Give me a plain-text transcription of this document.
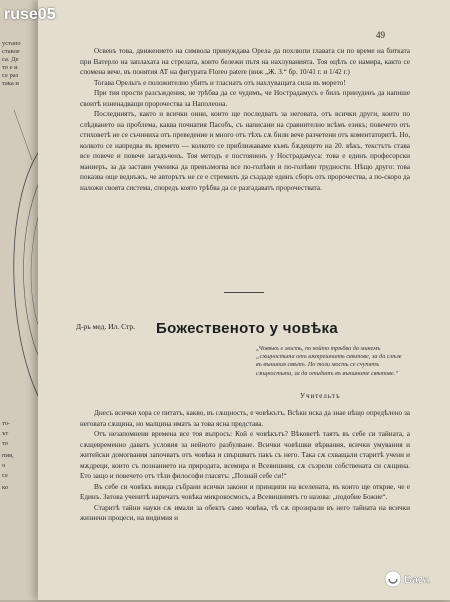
устано
ставле
са. Де
то е и
се раз
така и
то-
ът
то
пия,
о
се
ко
ruse05
49

Освенъ това, движението на символа принуждава Орела да похлюпи главата си по време на битката при Ватерло на заплахата на стрелата, които бележи пътя на нахлуванията. Тоя оцѣть се намира, както се спомена вече, въ понятия АТ на фигурата Floreo patere (виж „Ж. З.“ бр. 10/41 г. и 1/42 г.)

Тогава Орельтъ е положително убитъ и тласнатъ отъ нахлуващата сила въ морето!

При тия прости разсъждения, не трѣбва да се чудимъ, че Нострадамусъ е билъ принуденъ да напише своитѣ изненадващи пророчества за Наполеона.

Последниятъ, както и всички онни, които ще последватъ за неговата, отъ всички други, които по слѣдването на проблема, каква почнатия Пасобъ, съ написани на сравнително всѣмъ езикъ; повечето отъ стиховетѣ не се съчиниха отъ преведение и много отъ тѣхъ сѫ били вече разчетени отъ коментаторитѣ. Но, колкото се напредва въ времето — колкото се приближаваме къмъ бѫдещето на 20. вѣкъ, текстътъ става все повече и повече загадъченъ. Тоя методъ е постояненъ у Нострадамуса: това е единъ професорски маниеръ, за да застави ученика да превъзмогва все по-голѣми и по-голѣми трудности. Нѣщо друго: това показва още веднъжъ, че авторътъ не се е стремилъ да създаде единъ сборъ отъ пророчества, а по-скоро да наложи своята система, споредъ която трѣбва да се разгадаватъ пророчествата.

Д-рь мед. Ил. Стр. Божественото у човѣка
„Човѣкъ е мость, по който трѣбва да минемъ „сѫщностьта отъ вѫтрешнитѣ свѣтове, за да слѣзе въ външния свѣтъ. По този мость се счупятъ сѫщностьта, за да отидатъ въ външните свѣтове.“
Учительтъ

Днесъ всички хора се питатъ, какво, въ сѫщность, е човѣкътъ. Всѣки иска да знае нѣщо опредѣлено за неговата сѫщина, но малцина иматъ за това ясна представа.

Отъ незапомнени времена все тоя въпросъ: Кой е човѣкътъ? Вѣковетѣ таятъ въ себе си тайната, а сѫщевременно даватъ условия за нейното разбулване. Всички човѣшки вѣрвания, всички умувания и житейски домогвания започватъ отъ човѣка и свършватъ пакъ съ него. Така сѫ схващали старитѣ учени и мѫдреци, които съ познанието на природата, всемира и Всевишния, сѫ съзрели собствената си сѫщина. Ето защо и повечето отъ тѣзи философи гласятъ: „Познай себе си!“

Въ себе си човѣкъ вижда събрани всички закони и принципи на вселената, въ които ще открие, че е Единъ. Затова ученитѣ наричатъ човѣка микрокосмосъ, а Всевишниятъ го назова: „подобие Божие“.

Старитѣ тайни науки сѫ имали за обектъ само човѣка, тѣ сѫ прозирали въ него тайната на всички жизнени процеси, на видимия и

Baza
